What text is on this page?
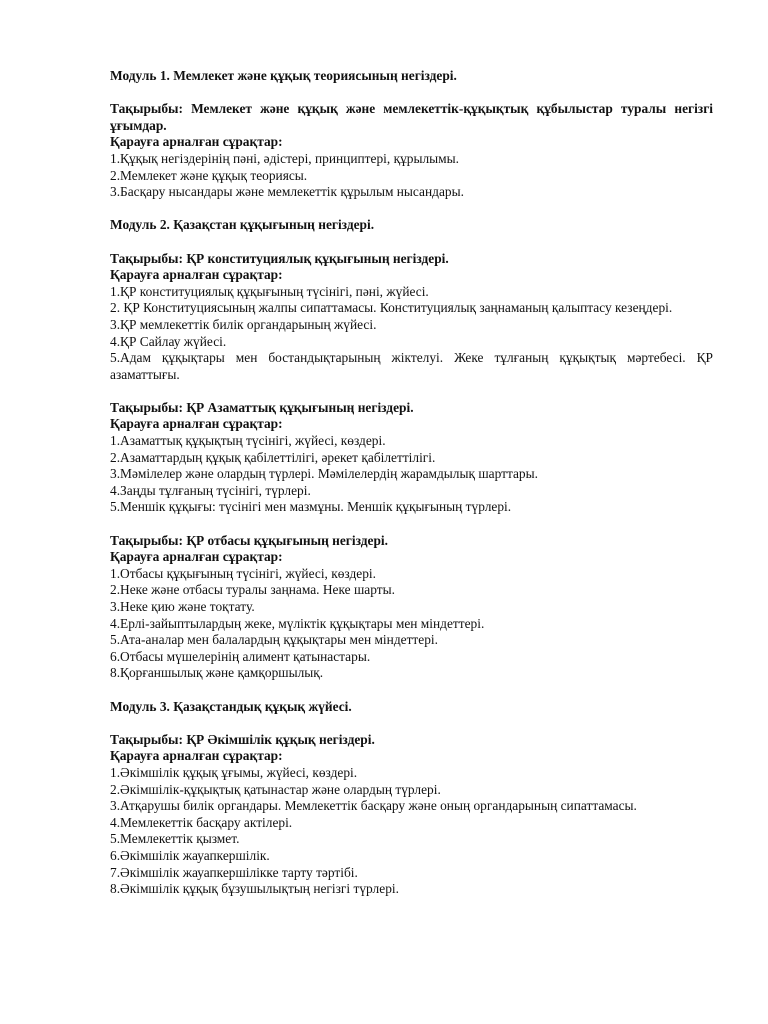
Модуль 1. Мемлекет және құқық теориясының негіздері.

Тақырыбы: Мемлекет және құқық және мемлекеттік-құқықтық құбылыстар туралы негізгі ұғымдар.

Қарауға арналған сұрақтар:

1.Құқық негіздерінің пәні, әдістері, принциптері, құрылымы.

2.Мемлекет және құқық теориясы.

3.Басқару нысандары және мемлекеттік құрылым нысандары.

Модуль 2. Қазақстан құқығының негіздері.

Тақырыбы: ҚР конституциялық құқығының негіздері.

Қарауға арналған сұрақтар:

1.ҚР конституциялық құқығының түсінігі, пәні, жүйесі.

2. ҚР Конституциясының жалпы сипаттамасы. Конституциялық заңнаманың қалыптасу кезеңдері.

3.ҚР мемлекеттік билік органдарының жүйесі.

4.ҚР Сайлау жүйесі.

5.Адам құқықтары мен бостандықтарының жіктелуі. Жеке тұлғаның құқықтық мәртебесі. ҚР азаматтығы.

Тақырыбы: ҚР Азаматтық құқығының негіздері.

Қарауға арналған сұрақтар:

1.Азаматтық құқықтың түсінігі, жүйесі, көздері.

2.Азаматтардың құқық қабілеттілігі, әрекет қабілеттілігі.

3.Мәмілелер және олардың түрлері. Мәмілелердің жарамдылық шарттары.

4.Заңды тұлғаның түсінігі, түрлері.

5.Меншік құқығы: түсінігі мен мазмұны. Меншік құқығының түрлері.

Тақырыбы: ҚР отбасы құқығының негіздері.

Қарауға арналған сұрақтар:

1.Отбасы құқығының түсінігі, жүйесі, көздері.

2.Неке және отбасы туралы заңнама. Неке шарты.

3.Неке қию және тоқтату.

4.Ерлі-зайыптылардың жеке, мүліктік құқықтары мен міндеттері.

5.Ата-аналар мен балалардың құқықтары мен міндеттері.

6.Отбасы мүшелерінің алимент қатынастары.

8.Қорғаншылық және қамқоршылық.

Модуль 3. Қазақстандық құқық жүйесі.

Тақырыбы: ҚР Әкімшілік құқық негіздері.

Қарауға арналған сұрақтар:

1.Әкімшілік құқық ұғымы, жүйесі, көздері.

2.Әкімшілік-құқықтық қатынастар және олардың түрлері.

3.Атқарушы билік органдары. Мемлекеттік басқару және оның органдарының сипаттамасы.

4.Мемлекеттік басқару актілері.

5.Мемлекеттік қызмет.

6.Әкімшілік жауапкершілік.

7.Әкімшілік жауапкершілікке тарту тәртібі.

8.Әкімшілік құқық бұзушылықтың негізгі түрлері.
